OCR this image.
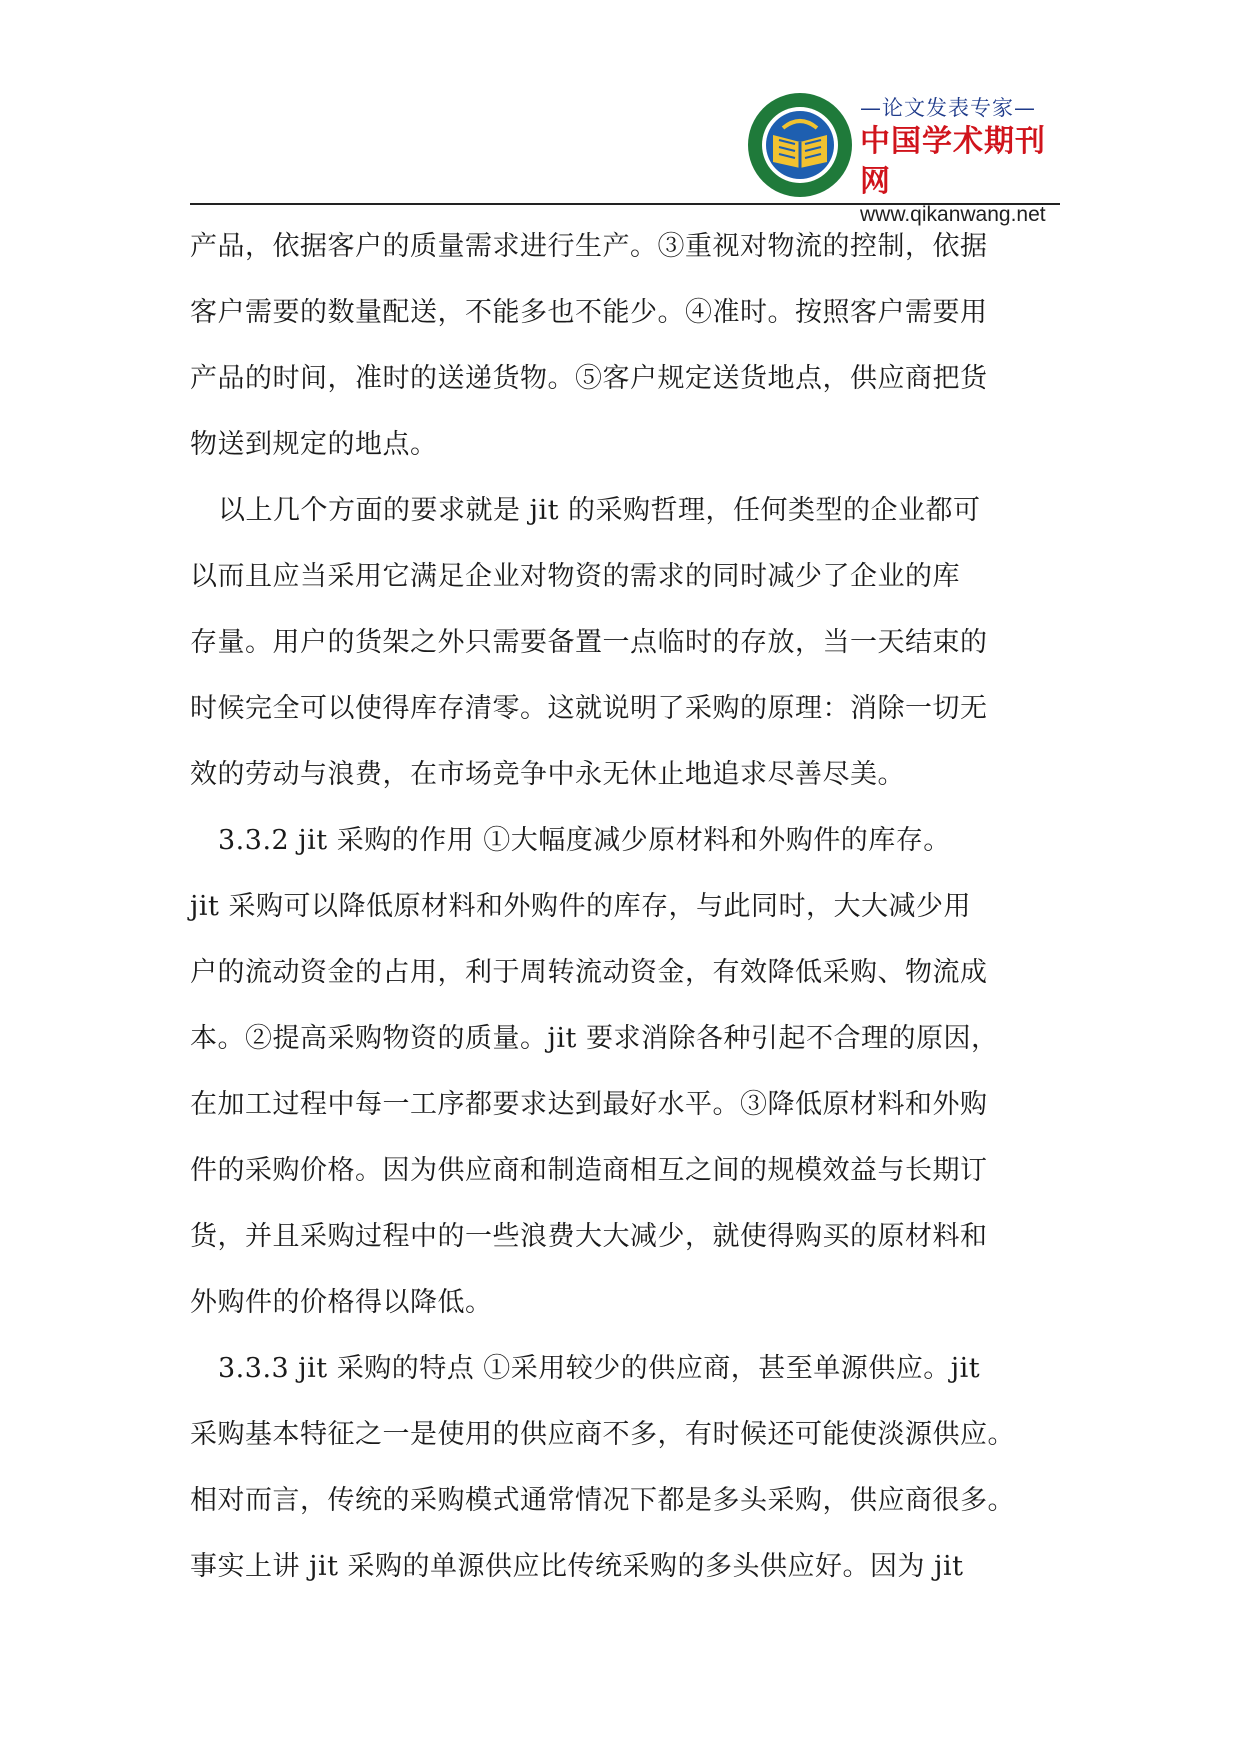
—论文发表专家—
中国学术期刊网
www.qikanwang.net
产品，依据客户的质量需求进行生产。③重视对物流的控制，依据
客户需要的数量配送，不能多也不能少。④准时。按照客户需要用
产品的时间，准时的送递货物。⑤客户规定送货地点，供应商把货
物送到规定的地点。
以上几个方面的要求就是 jit 的采购哲理，任何类型的企业都可
以而且应当采用它满足企业对物资的需求的同时减少了企业的库
存量。用户的货架之外只需要备置一点临时的存放，当一天结束的
时候完全可以使得库存清零。这就说明了采购的原理：消除一切无
效的劳动与浪费，在市场竞争中永无休止地追求尽善尽美。
3.3.2 jit 采购的作用 ①大幅度减少原材料和外购件的库存。
jit 采购可以降低原材料和外购件的库存，与此同时，大大减少用
户的流动资金的占用，利于周转流动资金，有效降低采购、物流成
本。②提高采购物资的质量。jit 要求消除各种引起不合理的原因，
在加工过程中每一工序都要求达到最好水平。③降低原材料和外购
件的采购价格。因为供应商和制造商相互之间的规模效益与长期订
货，并且采购过程中的一些浪费大大减少，就使得购买的原材料和
外购件的价格得以降低。
3.3.3 jit 采购的特点 ①采用较少的供应商，甚至单源供应。jit
采购基本特征之一是使用的供应商不多，有时候还可能使淡源供应。
相对而言，传统的采购模式通常情况下都是多头采购，供应商很多。
事实上讲 jit 采购的单源供应比传统采购的多头供应好。因为 jit
